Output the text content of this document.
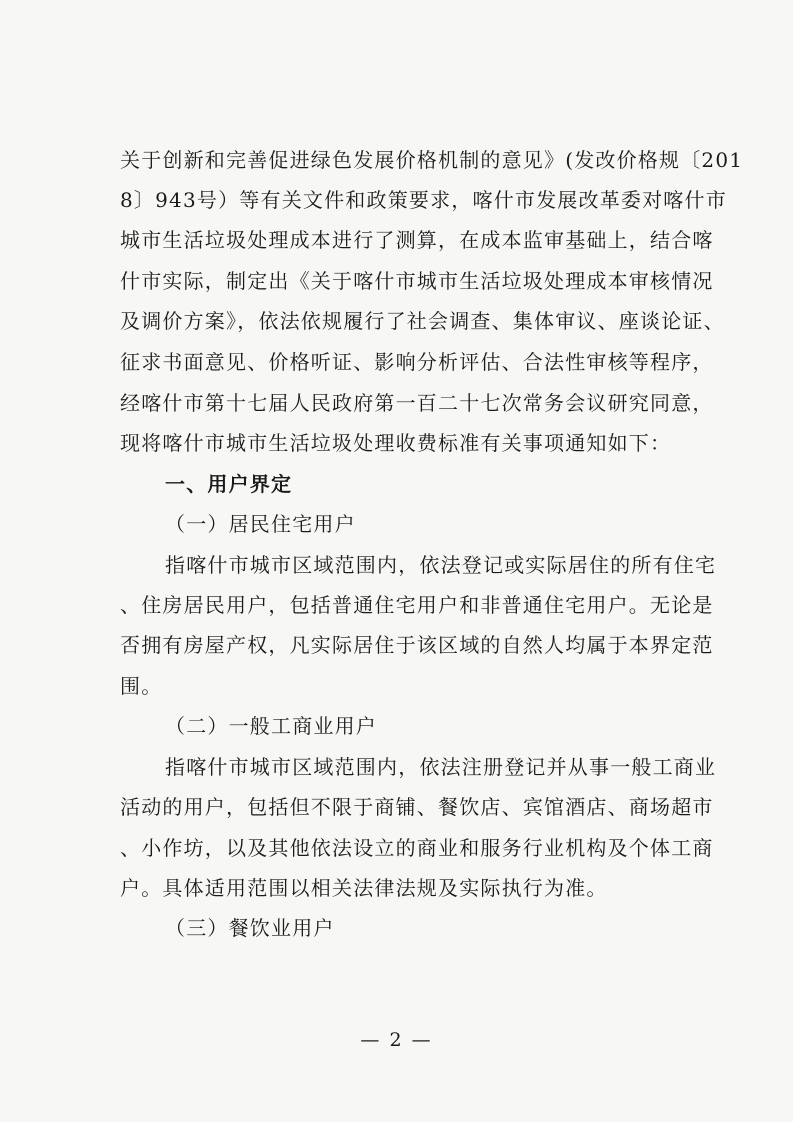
关于创新和完善促进绿色发展价格机制的意见》(发改价格规〔201
8〕943号）等有关文件和政策要求，喀什市发展改革委对喀什市
城市生活垃圾处理成本进行了测算，在成本监审基础上，结合喀
什市实际，制定出《关于喀什市城市生活垃圾处理成本审核情况
及调价方案》，依法依规履行了社会调查、集体审议、座谈论证、
征求书面意见、价格听证、影响分析评估、合法性审核等程序，
经喀什市第十七届人民政府第一百二十七次常务会议研究同意，
现将喀什市城市生活垃圾处理收费标准有关事项通知如下：
一、用户界定
（一）居民住宅用户
指喀什市城市区域范围内，依法登记或实际居住的所有住宅
、住房居民用户，包括普通住宅用户和非普通住宅用户。无论是
否拥有房屋产权，凡实际居住于该区域的自然人均属于本界定范
围。
（二）一般工商业用户
指喀什市城市区域范围内，依法注册登记并从事一般工商业
活动的用户，包括但不限于商铺、餐饮店、宾馆酒店、商场超市
、小作坊，以及其他依法设立的商业和服务行业机构及个体工商
户。具体适用范围以相关法律法规及实际执行为准。
（三）餐饮业用户
— 2 —
